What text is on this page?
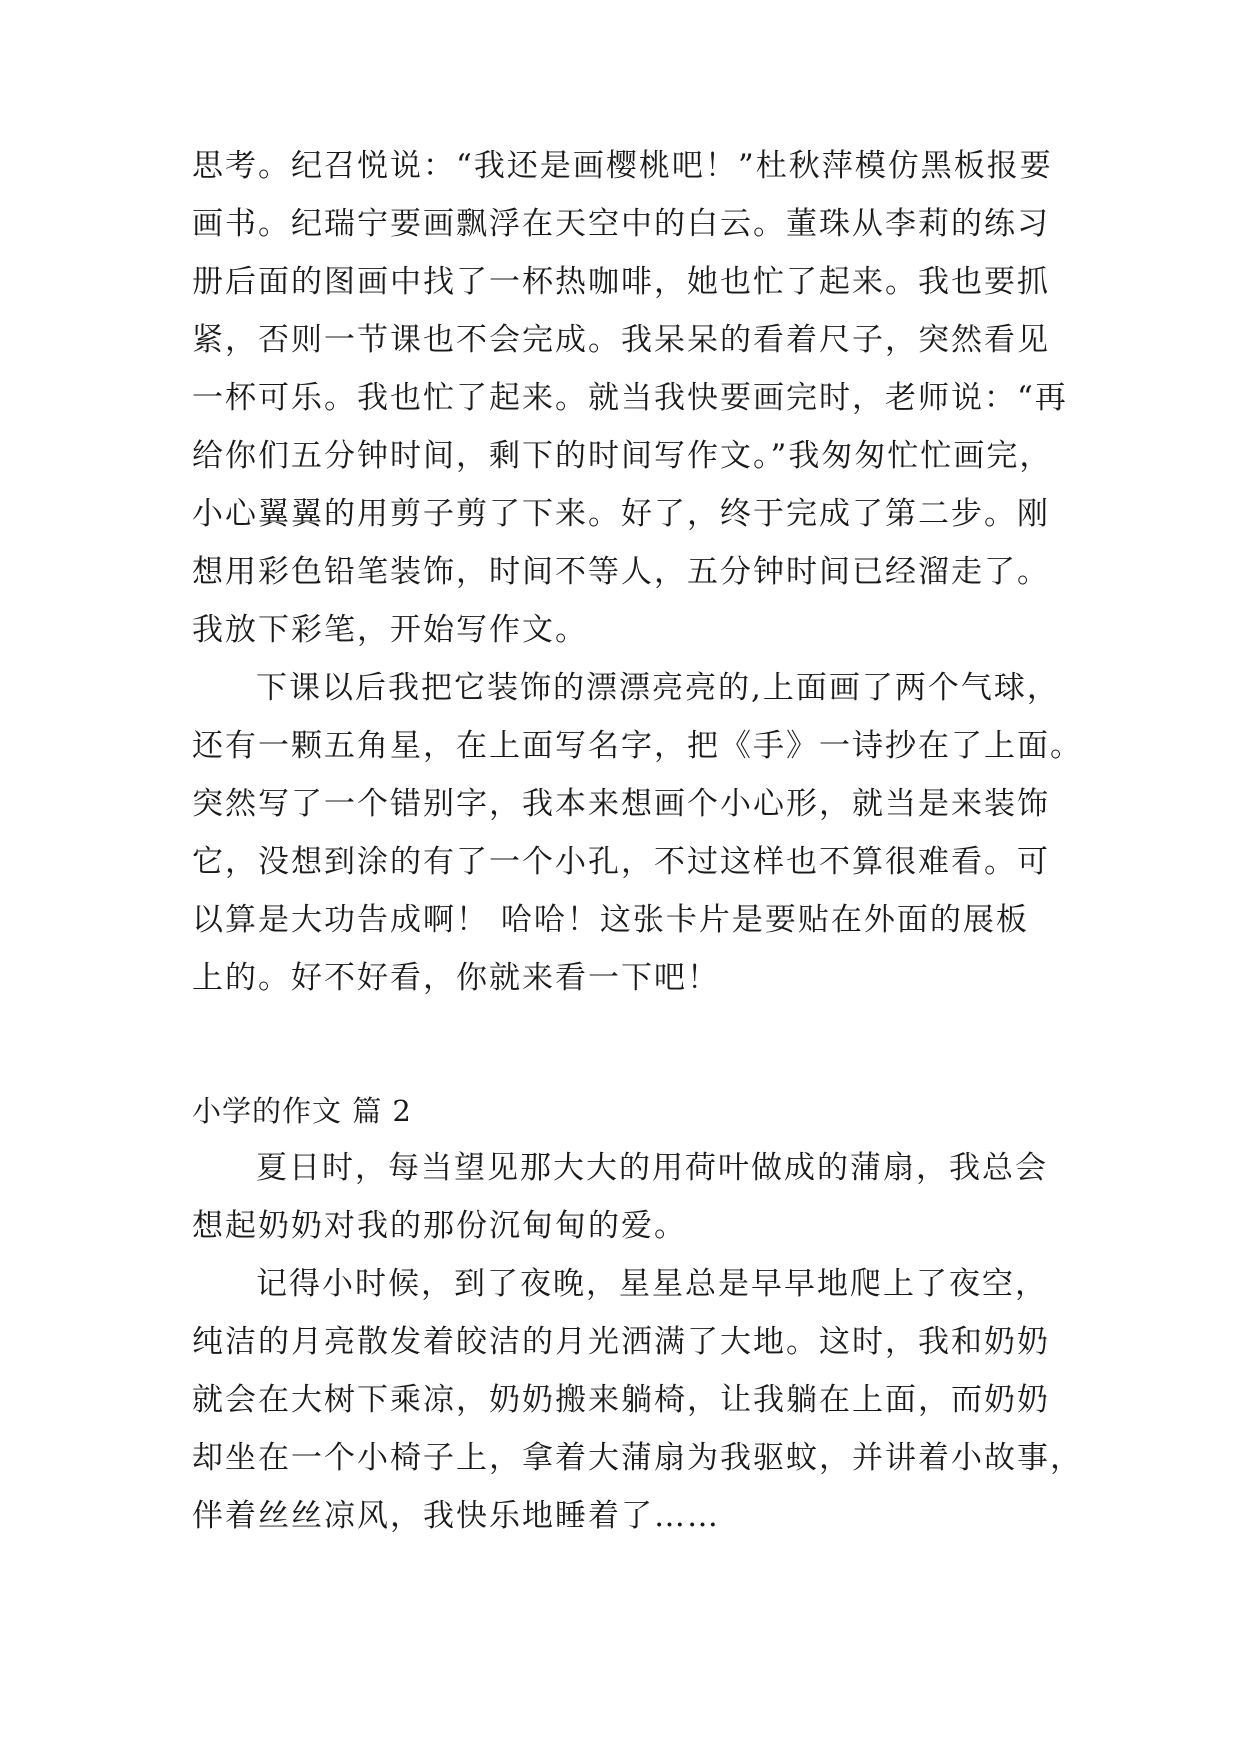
思考。纪召悦说：“我还是画樱桃吧！”杜秋萍模仿黑板报要
画书。纪瑞宁要画飘浮在天空中的白云。董珠从李莉的练习
册后面的图画中找了一杯热咖啡，她也忙了起来。我也要抓
紧，否则一节课也不会完成。我呆呆的看着尺子，突然看见
一杯可乐。我也忙了起来。就当我快要画完时，老师说：“再
给你们五分钟时间，剩下的时间写作文。”我匆匆忙忙画完，
小心翼翼的用剪子剪了下来。好了，终于完成了第二步。刚
想用彩色铅笔装饰，时间不等人，五分钟时间已经溜走了。
我放下彩笔，开始写作文。
下课以后我把它装饰的漂漂亮亮的,上面画了两个气球，
还有一颗五角星，在上面写名字，把《手》一诗抄在了上面。
突然写了一个错别字，我本来想画个小心形，就当是来装饰
它，没想到涂的有了一个小孔，不过这样也不算很难看。可
以算是大功告成啊！ 哈哈！这张卡片是要贴在外面的展板
上的。好不好看，你就来看一下吧！
小学的作文 篇 2
夏日时，每当望见那大大的用荷叶做成的蒲扇，我总会
想起奶奶对我的那份沉甸甸的爱。
记得小时候，到了夜晚，星星总是早早地爬上了夜空，
纯洁的月亮散发着皎洁的月光洒满了大地。这时，我和奶奶
就会在大树下乘凉，奶奶搬来躺椅，让我躺在上面，而奶奶
却坐在一个小椅子上，拿着大蒲扇为我驱蚊，并讲着小故事，
伴着丝丝凉风，我快乐地睡着了……
